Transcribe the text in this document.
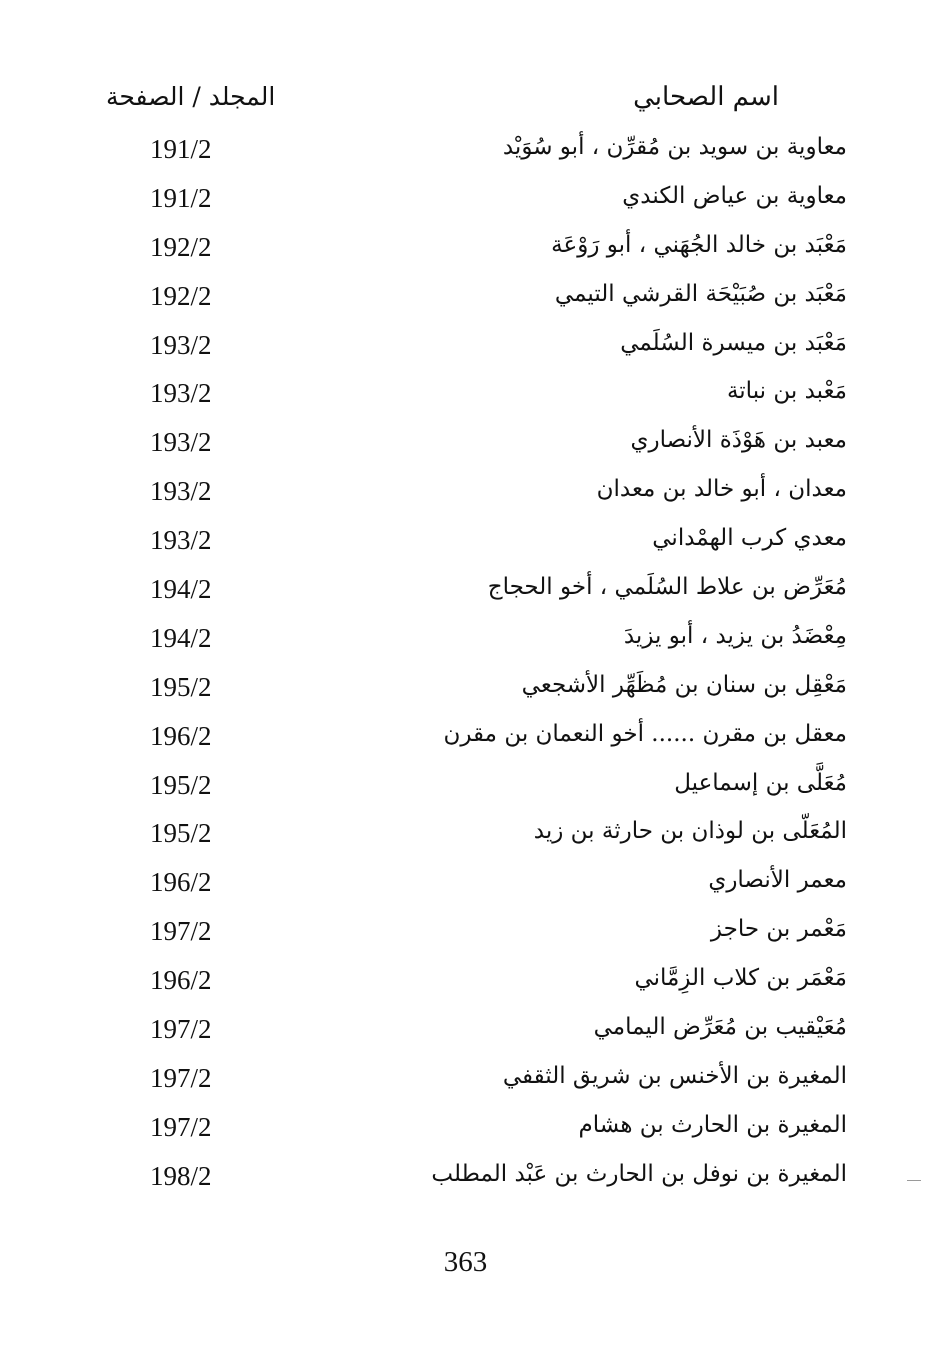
اسم الصحابي
المجلد / الصفحة
معاوية بن سويد بن مُقرِّن ، أبو سُوَيْد
191/2
معاوية بن عياض الكندي
191/2
مَعْبَد بن خالد الجُهَني ، أبو رَوْعَة
192/2
مَعْبَد بن صُبَيْحَة القرشي التيمي
192/2
مَعْبَد بن ميسرة السُلَمي
193/2
مَعْبد بن نباتة
193/2
معبد بن هَوْذَة الأنصاري
193/2
معدان ، أبو خالد بن معدان
193/2
معدي كرب الهمْداني
193/2
مُعَرِّض بن علاط السُلَمي ، أخو الحجاج
194/2
مِعْضَدُ بن يزيد ، أبو يزيدَ
194/2
مَعْقِل بن سنان بن مُظَهِّر الأشجعي
195/2
معقل بن مقرن ...... أخو النعمان بن مقرن
196/2
مُعَلَّى بن إسماعيل
195/2
المُعَلّى بن لوذان بن حارثة بن زيد
195/2
معمر الأنصاري
196/2
مَعْمر بن حاجز
197/2
مَعْمَر بن كلاب الزِمَّاني
196/2
مُعَيْقيب بن مُعَرِّض اليمامي
197/2
المغيرة بن الأخنس بن شريق الثقفي
197/2
المغيرة بن الحارث بن هشام
197/2
المغيرة بن نوفل بن الحارث بن عَبْد المطلب
198/2
363
